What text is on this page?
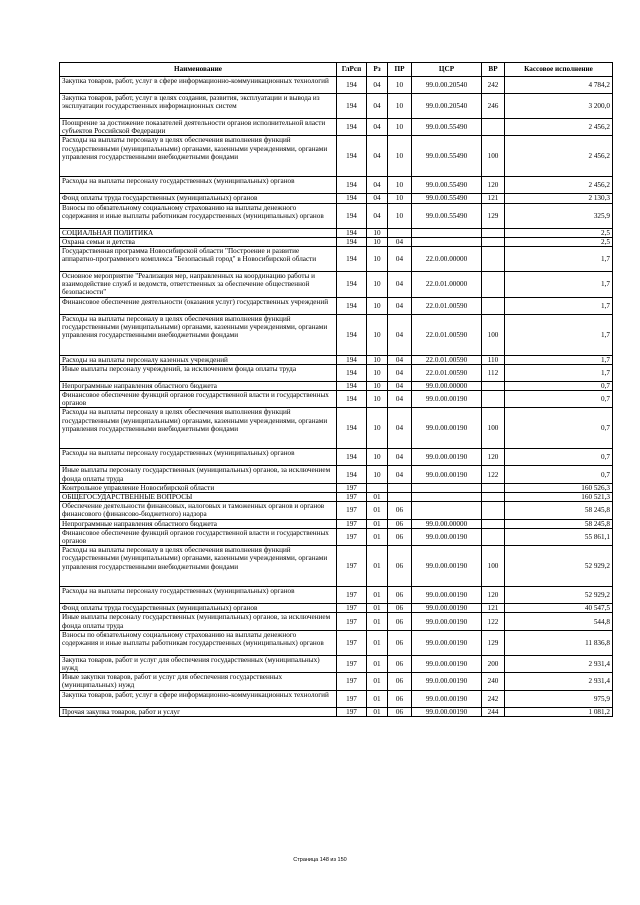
Наименование	ГлРсп	Рз	ПР	ЦСР	ВР	Кассовое исполнение
Закупка товаров, работ, услуг в сфере информационно-коммуникационных технологий	194	04	10	99.0.00.20540	242	4 784,2
Закупка товаров, работ, услуг в целях создания, развития, эксплуатации и вывода из эксплуатации государственных информационных систем	194	04	10	99.0.00.20540	246	3 200,0
Поощрение за достижение показателей деятельности органов исполнительной власти субъектов Российской Федерации	194	04	10	99.0.00.55490		2 456,2
Расходы на выплаты персоналу в целях обеспечения выполнения функций государственными (муниципальными) органами, казенными учреждениями, органами управления государственными внебюджетными фондами	194	04	10	99.0.00.55490	100	2 456,2
Расходы на выплаты персоналу государственных (муниципальных) органов	194	04	10	99.0.00.55490	120	2 456,2
Фонд оплаты труда государственных (муниципальных) органов	194	04	10	99.0.00.55490	121	2 130,3
Взносы по обязательному социальному страхованию на выплаты денежного содержания и иные выплаты работникам государственных (муниципальных) органов	194	04	10	99.0.00.55490	129	325,9
СОЦИАЛЬНАЯ ПОЛИТИКА	194	10				2,5
Охрана семьи и детства	194	10	04			2,5
Государственная программа Новосибирской области "Построение и развитие аппаратно-программного комплекса "Безопасный город" в Новосибирской области	194	10	04	22.0.00.00000		1,7
Основное мероприятие "Реализация мер, направленных на координацию работы и взаимодействие служб и ведомств, ответственных за обеспечение общественной безопасности"	194	10	04	22.0.01.00000		1,7
Финансовое обеспечение деятельности (оказания услуг) государственных учреждений	194	10	04	22.0.01.00590		1,7
Расходы на выплаты персоналу в целях обеспечения выполнения функций государственными (муниципальными) органами, казенными учреждениями, органами управления государственными внебюджетными фондами	194	10	04	22.0.01.00590	100	1,7
Расходы на выплаты персоналу казенных учреждений	194	10	04	22.0.01.00590	110	1,7
Иные выплаты персоналу учреждений, за исключением фонда оплаты труда	194	10	04	22.0.01.00590	112	1,7
Непрограммные направления областного бюджета	194	10	04	99.0.00.00000		0,7
Финансовое обеспечение функций органов государственной власти и государственных органов	194	10	04	99.0.00.00190		0,7
Расходы на выплаты персоналу в целях обеспечения выполнения функций государственными (муниципальными) органами, казенными учреждениями, органами управления государственными внебюджетными фондами	194	10	04	99.0.00.00190	100	0,7
Расходы на выплаты персоналу государственных (муниципальных) органов	194	10	04	99.0.00.00190	120	0,7
Иные выплаты персоналу государственных (муниципальных) органов, за исключением фонда оплаты труда	194	10	04	99.0.00.00190	122	0,7
Контрольное управление Новосибирской области	197					160 526,3
ОБЩЕГОСУДАРСТВЕННЫЕ ВОПРОСЫ	197	01				160 521,3
Обеспечение деятельности финансовых, налоговых и таможенных органов и органов финансового (финансово-бюджетного) надзора	197	01	06			58 245,8
Непрограммные направления областного бюджета	197	01	06	99.0.00.00000		58 245,8
Финансовое обеспечение функций органов государственной власти и государственных органов	197	01	06	99.0.00.00190		55 861,1
Расходы на выплаты персоналу в целях обеспечения выполнения функций государственными (муниципальными) органами, казенными учреждениями, органами управления государственными внебюджетными фондами	197	01	06	99.0.00.00190	100	52 929,2
Расходы на выплаты персоналу государственных (муниципальных) органов	197	01	06	99.0.00.00190	120	52 929,2
Фонд оплаты труда государственных (муниципальных) органов	197	01	06	99.0.00.00190	121	40 547,5
Иные выплаты персоналу государственных (муниципальных) органов, за исключением фонда оплаты труда	197	01	06	99.0.00.00190	122	544,8
Взносы по обязательному социальному страхованию на выплаты денежного содержания и иные выплаты работникам государственных (муниципальных) органов	197	01	06	99.0.00.00190	129	11 836,8
Закупка товаров, работ и услуг для обеспечения государственных (муниципальных) нужд	197	01	06	99.0.00.00190	200	2 931,4
Иные закупки товаров, работ и услуг для обеспечения государственных (муниципальных) нужд	197	01	06	99.0.00.00190	240	2 931,4
Закупка товаров, работ, услуг в сфере информационно-коммуникационных технологий	197	01	06	99.0.00.00190	242	975,9
Прочая закупка товаров, работ и услуг	197	01	06	99.0.00.00190	244	1 081,2
Страница 148 из 150
